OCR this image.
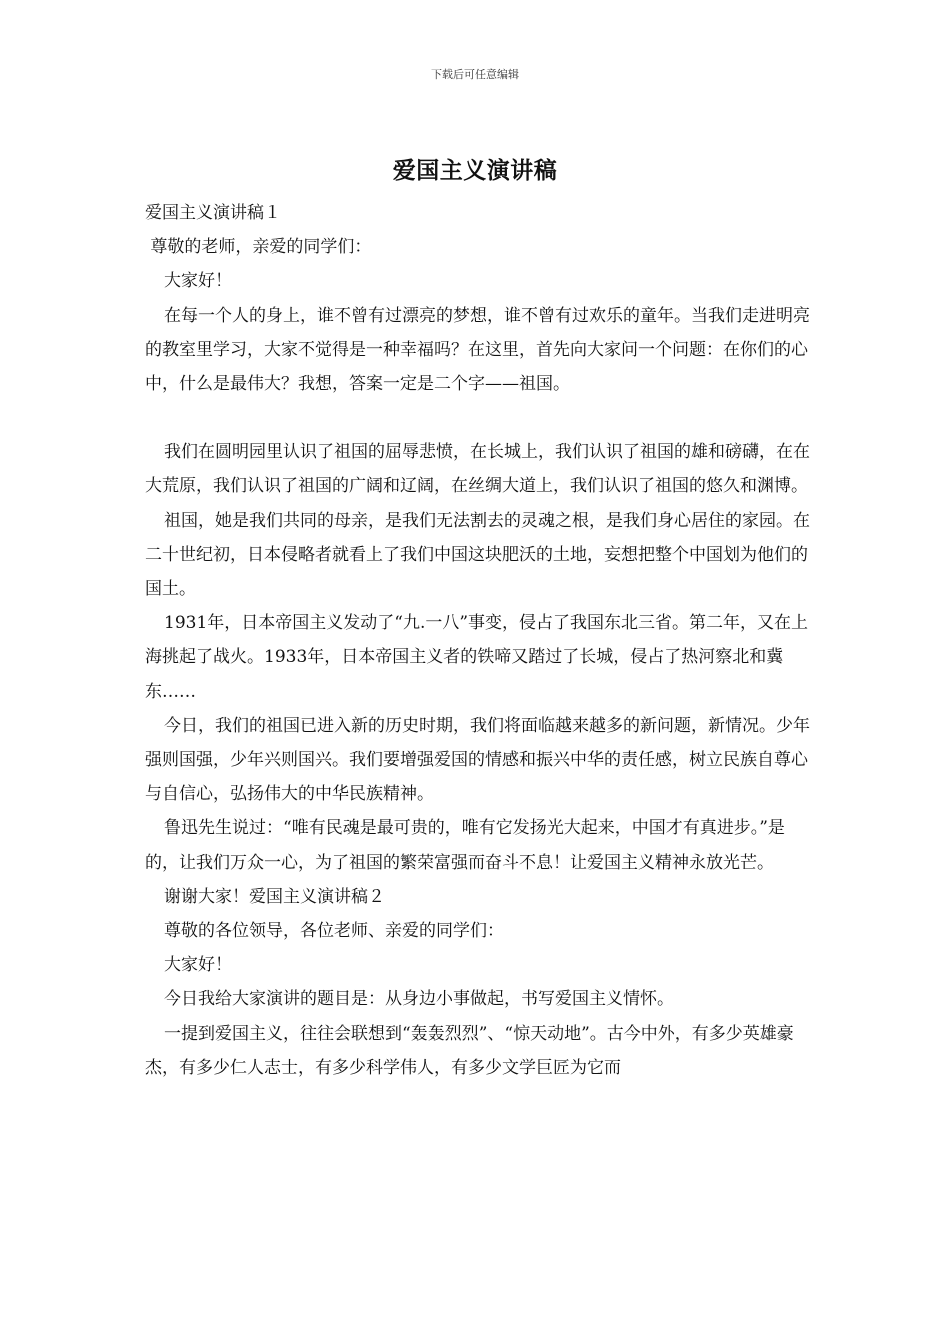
下载后可任意编辑
爱国主义演讲稿

爱国主义演讲稿１

尊敬的老师，亲爱的同学们：

大家好！

在每一个人的身上，谁不曾有过漂亮的梦想，谁不曾有过欢乐的童年。当我们走进明亮的教室里学习，大家不觉得是一种幸福吗？在这里，首先向大家问一个问题：在你们的心中，什么是最伟大？我想，答案一定是二个字——祖国。

我们在圆明园里认识了祖国的屈辱悲愤，在长城上，我们认识了祖国的雄和磅礴，在在大荒原，我们认识了祖国的广阔和辽阔，在丝绸大道上，我们认识了祖国的悠久和渊博。

祖国，她是我们共同的母亲，是我们无法割去的灵魂之根，是我们身心居住的家园。在二十世纪初，日本侵略者就看上了我们中国这块肥沃的土地，妄想把整个中国划为他们的国土。

1931年，日本帝国主义发动了“九.一八”事变，侵占了我国东北三省。第二年，又在上海挑起了战火。1933年，日本帝国主义者的铁啼又踏过了长城，侵占了热河察北和冀东……

今日，我们的祖国已进入新的历史时期，我们将面临越来越多的新问题，新情况。少年强则国强，少年兴则国兴。我们要增强爱国的情感和振兴中华的责任感，树立民族自尊心与自信心，弘扬伟大的中华民族精神。

鲁迅先生说过：“唯有民魂是最可贵的，唯有它发扬光大起来，中国才有真进步。”是的，让我们万众一心，为了祖国的繁荣富强而奋斗不息！让爱国主义精神永放光芒。

谢谢大家！爱国主义演讲稿２

尊敬的各位领导，各位老师、亲爱的同学们：

大家好！

今日我给大家演讲的题目是：从身边小事做起，书写爱国主义情怀。

一提到爱国主义，往往会联想到“轰轰烈烈”、“惊天动地”。古今中外，有多少英雄豪杰，有多少仁人志士，有多少科学伟人，有多少文学巨匠为它而
